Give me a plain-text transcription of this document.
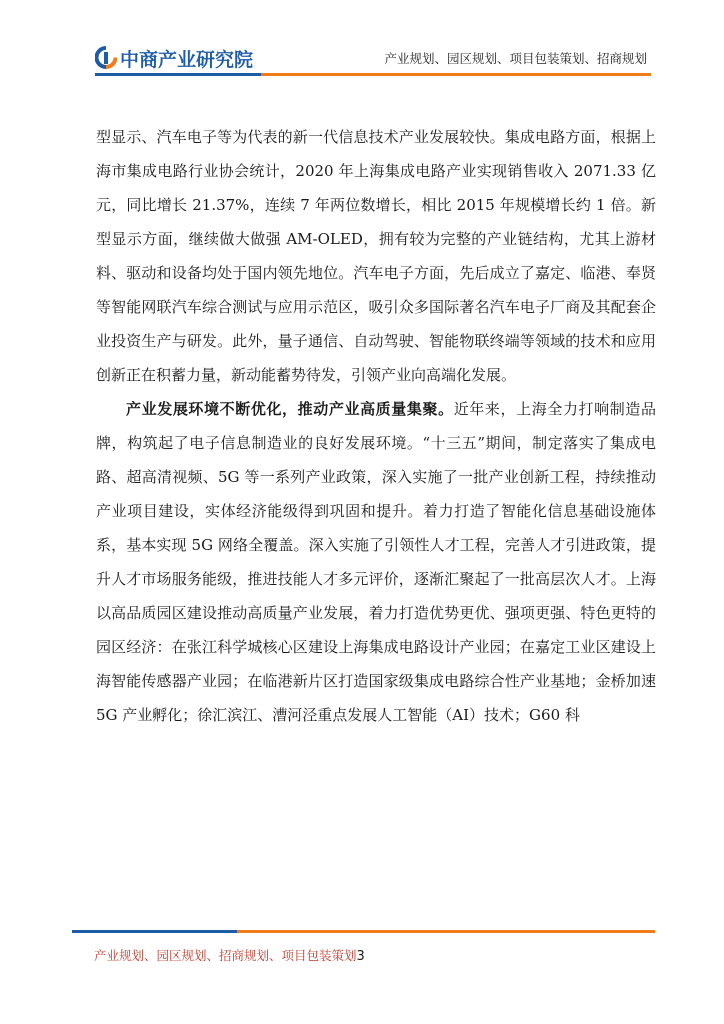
中商产业研究院	产业规划、园区规划、项目包装策划、招商规划

型显示、汽车电子等为代表的新一代信息技术产业发展较快。集成电路方面，根据上海市集成电路行业协会统计，2020 年上海集成电路产业实现销售收入 2071.33 亿元，同比增长 21.37%，连续 7 年两位数增长，相比 2015 年规模增长约 1 倍。新型显示方面，继续做大做强 AM-OLED，拥有较为完整的产业链结构，尤其上游材料、驱动和设备均处于国内领先地位。汽车电子方面，先后成立了嘉定、临港、奉贤等智能网联汽车综合测试与应用示范区，吸引众多国际著名汽车电子厂商及其配套企业投资生产与研发。此外，量子通信、自动驾驶、智能物联终端等领域的技术和应用创新正在积蓄力量，新动能蓄势待发，引领产业向高端化发展。

产业发展环境不断优化，推动产业高质量集聚。近年来，上海全力打响制造品牌，构筑起了电子信息制造业的良好发展环境。“十三五”期间，制定落实了集成电路、超高清视频、5G 等一系列产业政策，深入实施了一批产业创新工程，持续推动产业项目建设，实体经济能级得到巩固和提升。着力打造了智能化信息基础设施体系，基本实现 5G 网络全覆盖。深入实施了引领性人才工程，完善人才引进政策，提升人才市场服务能级，推进技能人才多元评价，逐渐汇聚起了一批高层次人才。上海以高品质园区建设推动高质量产业发展，着力打造优势更优、强项更强、特色更特的园区经济：在张江科学城核心区建设上海集成电路设计产业园；在嘉定工业区建设上海智能传感器产业园；在临港新片区打造国家级集成电路综合性产业基地；金桥加速 5G 产业孵化；徐汇滨江、漕河泾重点发展人工智能（AI）技术；G60 科

产业规划、园区规划、招商规划、项目包装策划3
